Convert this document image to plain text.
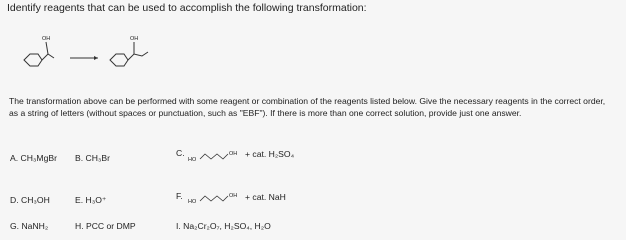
Identify reagents that can be used to accomplish the following transformation:
OH	OH
The transformation above can be performed with some reagent or combination of the reagents listed below. Give the necessary reagents in the correct order, as a string of letters (without spaces or punctuation, such as "EBF"). If there is more than one correct solution, provide just one answer.
A. CH₃MgBr B. CH₃Br	C.
HO
OH + cat. H₂SO₄
D. CH₃OH	E. H₃O⁺	F.
HO
OH + cat. NaH
G. NaNH₂	H. PCC or DMP	I. Na₂Cr₂O₇, H₂SO₄, H₂O
